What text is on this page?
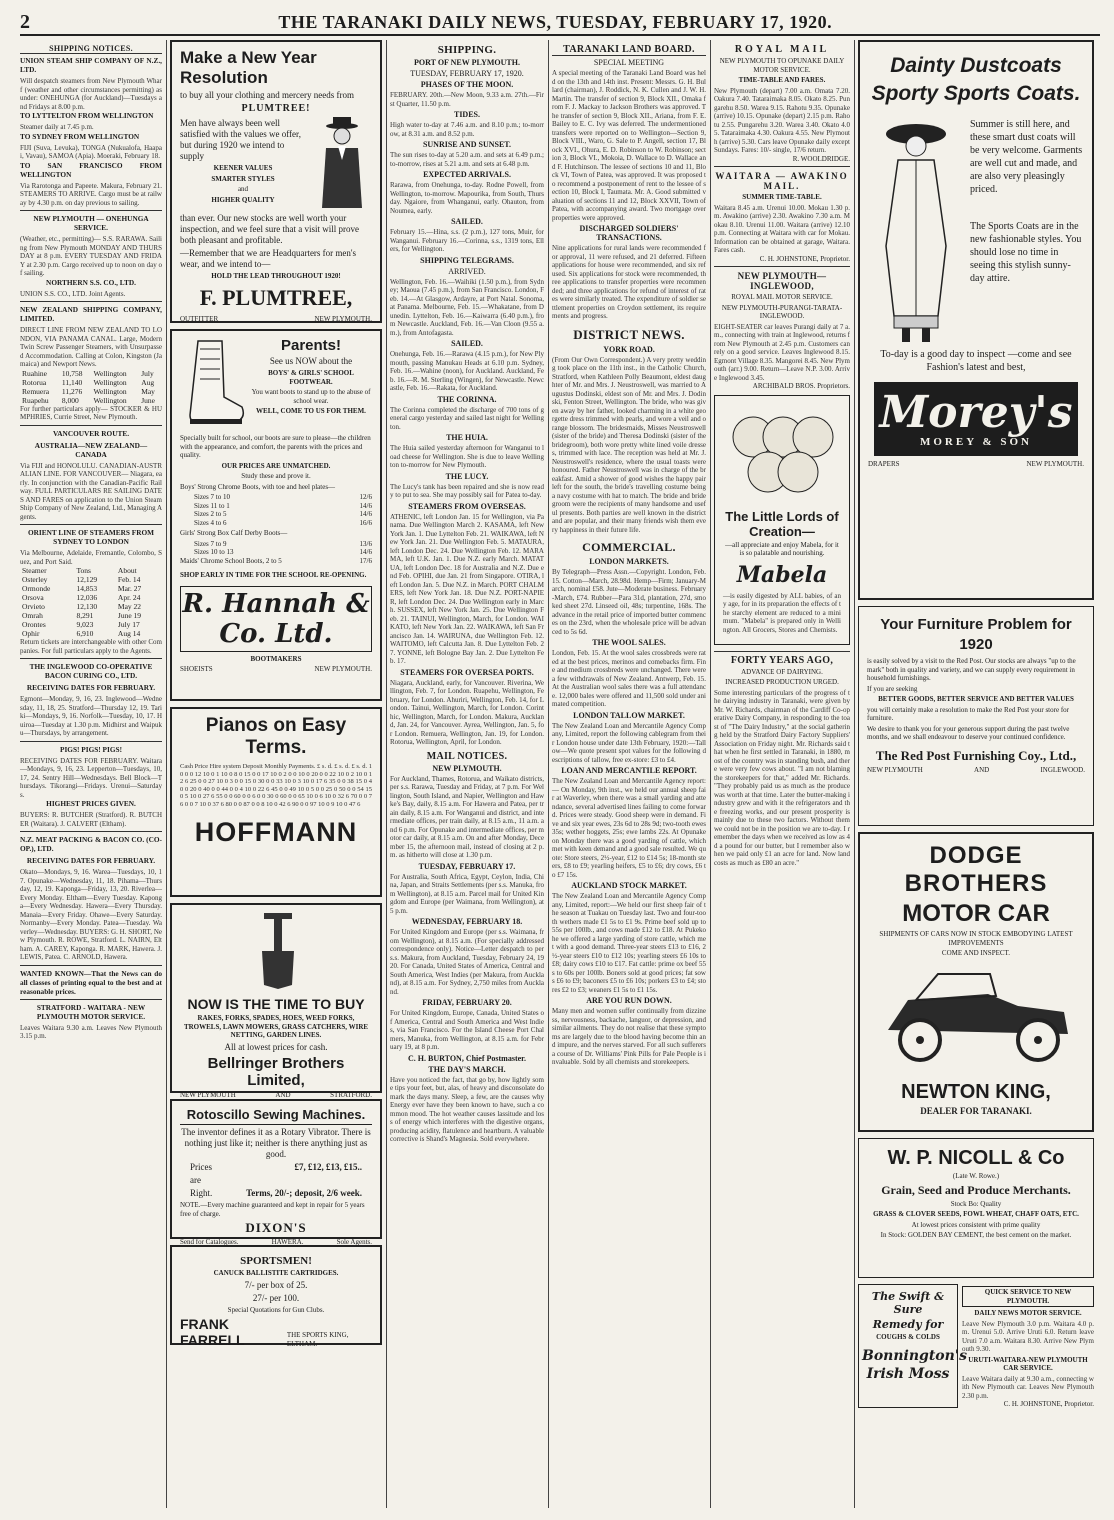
2	THE TARANAKI DAILY NEWS, TUESDAY, FEBRUARY 17, 1920.
SHIPPING NOTICES.
UNION STEAM SHIP COMPANY OF N.Z., LTD.
Will despatch steamers from New Plymouth Wharf (weather and other circumstances permitting) as under: ONEHUNGA (for Auckland)—Tuesdays and Fridays at 8.00 p.m.
TO LYTTELTON FROM WELLINGTON
Steamer daily at 7.45 p.m.
TO SYDNEY FROM WELLINGTON
FIJI (Suva, Levuka), TONGA (Nukualofa, Haapai, Vavau), SAMOA (Apia). Moeraki, February 18.
TO SAN FRANCISCO FROM WELLINGTON
Via Rarotonga and Papeete. Makura, February 21. STEAMERS TO ARRIVE. Cargo must be at railway by 4.30 p.m. on day previous to sailing.
NEW PLYMOUTH — ONEHUNGA SERVICE.
(Weather, etc., permitting)— S.S. RARAWA. Sailing from New Plymouth MONDAY AND THURSDAY at 8 p.m. EVERY TUESDAY AND FRIDAY at 2.30 p.m. Cargo received up to noon on day of sailing.
NORTHERN S.S. CO., LTD.
UNION S.S. CO., LTD. Joint Agents.
NEW ZEALAND SHIPPING COMPANY, LIMITED.
DIRECT LINE FROM NEW ZEALAND TO LONDON, VIA PANAMA CANAL. Large, Modern Twin Screw Passenger Steamers, with Unsurpassed Accommodation. Calling at Colon, Kingston (Jamaica) and Newport News.
Ruahine	10,758	Wellington	July
Rotorua	11,140	Wellington	Aug
Remuera	11,276	Wellington	May
Ruapehu	8,000	Wellington	June
For further particulars apply— STOCKER & HUMPHRIES, Currie Street, New Plymouth.
VANCOUVER ROUTE.
AUSTRALIA—NEW ZEALAND—CANADA
Via FIJI and HONOLULU. CANADIAN-AUSTRALIAN LINE. FOR VANCOUVER— Niagara, early. In conjunction with the Canadian-Pacific Railway. FULL PARTICULARS RE SAILING DATES AND FARES on application to the Union Steam Ship Company of New Zealand, Ltd., Managing Agents.
ORIENT LINE OF STEAMERS FROM SYDNEY TO LONDON
Via Melbourne, Adelaide, Fremantle, Colombo, Suez, and Port Said.
Steamer	Tons	About
Osterley	12,129	Feb. 14
Ormonde	14,853	Mar. 27
Orsova	12,036	Apr. 24
Orvieto	12,130	May 22
Omrah	8,291	June 19
Orontes	9,023	July 17
Ophir	6,910	Aug 14
Return tickets are interchangeable with other Companies. For full particulars apply to the Agents.
THE INGLEWOOD CO-OPERATIVE BACON CURING CO., LTD.
RECEIVING DATES FOR FEBRUARY.
Egmont—Monday, 9, 16, 23. Inglewood—Wednesday, 11, 18, 25. Stratford—Thursday 12, 19. Tariki—Mondays, 9, 16. Norfolk—Tuesday, 10, 17. Huiroa—Tuesday at 1.30 p.m. Midhirst and Waipuku—Thursdays, by arrangement.
PIGS! PIGS! PIGS!
RECEIVING DATES FOR FEBRUARY. Waitara—Mondays, 9, 16, 23. Lepperton—Tuesdays, 10, 17, 24. Sentry Hill—Wednesdays. Bell Block—Thursdays. Tikorangi—Fridays. Urenui—Saturdays.
HIGHEST PRICES GIVEN.
BUYERS: R. BUTCHER (Stratford). R. BUTCHER (Waitara). J. CALVERT (Eltham).
N.Z. MEAT PACKING & BACON CO. (CO-OP.), LTD.
RECEIVING DATES FOR FEBRUARY.
Okato—Mondays, 9, 16. Warea—Tuesdays, 10, 17. Opunake—Wednesday, 11, 18. Pihama—Thursday, 12, 19. Kaponga—Friday, 13, 20. Riverlea—Every Monday. Eltham—Every Tuesday. Kaponga—Every Wednesday. Hawera—Every Thursday. Manaia—Every Friday. Ohawe—Every Saturday. Normanby—Every Monday. Patea—Tuesday. Waverley—Wednesday. BUYERS: G. H. SHORT, New Plymouth. R. ROWE, Stratford. L. NAIRN, Eltham. A. CAREY, Kaponga. R. MARK, Hawera. J. LEWIS, Patea. C. ARNOLD, Hawera.
WANTED KNOWN—That the News can do all classes of printing equal to the best and at reasonable prices.
STRATFORD - WAITARA - NEW PLYMOUTH MOTOR SERVICE.
Leaves Waitara 9.30 a.m. Leaves New Plymouth 3.15 p.m.
Make a New Year Resolution

to buy all your clothing and mercery needs from

PLUMTREE!

Men have always been well satisfied with the values we offer, but during 1920 we intend to supply

KEENER VALUES

SMARTER STYLES

and

HIGHER QUALITY

than ever. Our new stocks are well worth your inspection, and we feel sure that a visit will prove both pleasant and profitable.

—Remember that we are Headquarters for men's wear, and we intend to—

HOLD THE LEAD THROUGHOUT 1920!

F. PLUMTREE,

OUTFITTER	NEW PLYMOUTH.
Parents!

See us NOW about the

BOYS' & GIRLS' SCHOOL FOOTWEAR.

You want boots to stand up to the abuse of school wear.

WELL, COME TO US FOR THEM.

Specially built for school, our boots are sure to please—the children with the appearance, and comfort, the parents with the prices and quality.

OUR PRICES ARE UNMATCHED.

Study these and prove it.

Boys' Strong Chrome Boots, with toe and heel plates—

Sizes 7 to 10	12/6
Sizes 11 to 1	14/6
Sizes 2 to 5	14/6
Sizes 4 to 6	16/6

Girls' Strong Box Calf Derby Boots—

Sizes 7 to 9	13/6
Sizes 10 to 13	14/6
Maids' Chrome School Boots, 2 to 5	17/6

SHOP EARLY IN TIME FOR THE SCHOOL RE-OPENING.

R. Hannah & Co. Ltd.

BOOTMAKERS

SHOEISTS	NEW PLYMOUTH.
Pianos on Easy Terms.
Cash Price Hire system Deposit Monthly Payments. £ s. d. £ s. d. £ s. d. 10 0 0 12 10 0 1 10 0 8 0 15 0 0 17 10 0 2 0 0 10 0 20 0 0 22 10 0 2 10 0 12 6 25 0 0 27 10 0 3 0 0 15 0 30 0 0 33 10 0 3 10 0 17 6 35 0 0 38 15 0 4 0 0 20 0 40 0 0 44 0 0 4 10 0 22 6 45 0 0 49 10 0 5 0 0 25 0 50 0 0 54 15 0 5 10 0 27 6 55 0 0 60 0 0 6 0 0 30 0 60 0 0 65 10 0 6 10 0 32 6 70 0 0 76 0 0 7 10 0 37 6 80 0 0 87 0 0 8 10 0 42 6 90 0 0 97 10 0 9 10 0 47 6

HOFFMANN

NOW IS THE TIME TO BUY

RAKES, FORKS, SPADES, HOES, WEED FORKS, TROWELS, LAWN MOWERS, GRASS CATCHERS, WIRE NETTING, GARDEN LINES.

All at lowest prices for cash.

Bellringer Brothers Limited,

NEW PLYMOUTH	AND	STRATFORD.
Rotoscillo Sewing Machines.

The inventor defines it as a Rotary Vibrator. There is nothing just like it; neither is there anything just as good.

Prices	£7, £12, £13, £15..

are

Right.	Terms, 20/-; deposit, 2/6 week.

NOTE.—Every machine guaranteed and kept in repair for 5 years free of charge.

DIXON'S

Send for Catalogues.	HAWERA.	Sole Agents.

SPORTSMEN!

CANUCK BALLISTITE CARTRIDGES.

7/- per box of 25.

27/- per 100.

Special Quotations for Gun Clubs.

FRANK FARRELL	THE SPORTS KING, ELTHAM.
SHIPPING.
PORT OF NEW PLYMOUTH.
TUESDAY, FEBRUARY 17, 1920.
PHASES OF THE MOON.
FEBRUARY. 20th.—New Moon, 9.33 a.m. 27th.—First Quarter, 11.50 p.m.
TIDES.
High water to-day at 7.46 a.m. and 8.10 p.m.; to-morrow, at 8.31 a.m. and 8.52 p.m.
SUNRISE AND SUNSET.
The sun rises to-day at 5.20 a.m. and sets at 6.49 p.m.; to-morrow, rises at 5.21 a.m. and sets at 6.48 p.m.
EXPECTED ARRIVALS.
Rarawa, from Onehunga, to-day. Rodne Powell, from Wellington, to-morrow. Mapourika, from South, Thursday. Ngaiore, from Whanganui, early. Ohauton, from Noumea, early.
SAILED.
February 15.—Hina, s.s. (2 p.m.), 127 tons, Muir, for Wanganui. February 16.—Corinna, s.s., 1319 tons, Ellers, for Wellington.
SHIPPING TELEGRAMS.
ARRIVED.
Wellington, Feb. 16.—Waihiki (1.50 p.m.), from Sydney; Maoua (7.45 p.m.), from San Francisco. London, Feb. 14.—At Glasgow, Ardayre, at Port Natal. Sonoma, at Panama. Melbourne, Feb. 15.—Whakatane, from Dunedin. Lyttelton, Feb. 16.—Kaiwarra (6.40 p.m.), from Newcastle. Auckland, Feb. 16.—Van Cloon (9.55 a.m.), from Antofagasta.
SAILED.
Onehunga, Feb. 16.—Rarawa (4.15 p.m.), for New Plymouth, passing Manukau Heads at 6.10 p.m. Sydney, Feb. 16.—Wahine (noon), for Auckland. Auckland, Feb. 16.—R. M. Sterling (Wingen), for Newcastle. Newcastle, Feb. 16.—Rakata, for Auckland.
THE CORINNA.
The Corinna completed the discharge of 700 tons of general cargo yesterday and sailed last night for Wellington.
THE HUIA.
The Huia sailed yesterday afternoon for Wanganui to load cheese for Wellington. She is due to leave Wellington to-morrow for New Plymouth.
THE LUCY.
The Lucy's tank has been repaired and she is now ready to put to sea. She may possibly sail for Patea to-day.
STEAMERS FROM OVERSEAS.
ATHENIC, left London Jan. 15 for Wellington, via Panama. Due Wellington March 2. KASAMA, left New York Jan. 1. Due Lyttelton Feb. 21. WAIKAWA, left New York Jan. 21. Due Wellington Feb. 5. MATAURA, left London Dec. 24. Due Wellington Feb. 12. MARAMA, left U.K. Jan. 1. Due N.Z. early March. MATATUA, left London Dec. 18 for Australia and N.Z. Due end Feb. OPIHI, due Jan. 21 from Singapore. OTIRA, left London Jan. 5. Due N.Z. in March. PORT CHALMERS, left New York Jan. 18. Due N.Z. PORT-NAPIER, left London Dec. 24. Due Wellington early in March. SUSSEX, left New York Jan. 25. Due Wellington Feb. 21. TAINUI, Wellington, March, for London. WAIKATO, left New York Jan. 22. WAIKAWA, left San Francisco Jan. 14. WAIRUNA, due Wellington Feb. 12. WAITOMO, left Calcutta Jan. 8. Due Lyttelton Feb. 27. YONNE, left Bologne Bay Jan. 2. Due Lyttelton Feb. 17.
STEAMERS FOR OVERSEA PORTS.
Niagara, Auckland, early, for Vancouver. Riverina, Wellington, Feb. 7, for London. Ruapehu, Wellington, February, for London. Ahuriri, Wellington, Feb. 14, for London. Tainui, Wellington, March, for London. Corinthic, Wellington, March, for London. Makura, Auckland, Jan. 24, for Vancouver. Ayrea, Wellington, Jan. 5, for London. Remuera, Wellington, Jan. 19, for London. Rotorua, Wellington, April, for London.
MAIL NOTICES.
NEW PLYMOUTH.
For Auckland, Thames, Rotorua, and Waikato districts, per s.s. Rarawa, Tuesday and Friday, at 7 p.m. For Wellington, South Island, and Napier, Wellington and Hawke's Bay, daily, 8.15 a.m. For Hawera and Patea, per train daily, 8.15 a.m. For Wanganui and district, and intermediate offices, per train daily, at 8.15 a.m., 11 a.m. and 6 p.m. For Opunake and intermediate offices, per motor car daily, at 8.15 a.m. On and after Monday, December 15, the afternoon mail, instead of closing at 2 p.m. as hitherto will close at 1.30 p.m.
TUESDAY, FEBRUARY 17.
For Australia, South Africa, Egypt, Ceylon, India, China, Japan, and Straits Settlements (per s.s. Manuka, from Wellington), at 8.15 a.m. Parcel mail for United Kingdom and Europe (per Waimana, from Wellington), at 5 p.m.
WEDNESDAY, FEBRUARY 18.
For United Kingdom and Europe (per s.s. Waimana, from Wellington), at 8.15 a.m. (For specially addressed correspondence only). Notice—Letter despatch to per s.s. Makura, from Auckland, Tuesday, February 24, 1920. For Canada, United States of America, Central and South America, West Indies (per Makura, from Auckland), at 8.15 a.m. For Sydney, 2,750 miles from Auckland.
FRIDAY, FEBRUARY 20.
For United Kingdom, Europe, Canada, United States of America, Central and South America and West Indies, via San Francisco. For the Island Cheese Port Chalmers, Manuka, from Wellington, at 8.15 a.m. for February 19, at 8 p.m.
C. H. BURTON, Chief Postmaster.
THE DAY'S MARCH.
Have you noticed the fact, that go by, how lightly some tips your feet, but, alas, of heavy and disconsolate do mark the days many. Sleep, a few, are the causes why Energy ever have they been known to have, such a common mood. The hot weather causes lassitude and loss of energy which interferes with the digestive organs, producing acidity, flatulence and heartburn. A valuable corrective is Shand's Magnesia. Sold everywhere.
TARANAKI LAND BOARD.
SPECIAL MEETING
A special meeting of the Taranaki Land Board was held on the 13th and 14th inst. Present: Messrs. G. H. Bullard (chairman), J. Roddick, N. K. Cullen and J. W. H. Martin. The transfer of section 9, Block XII., Omaka from F. J. Mackay to Jackson Brothers was approved. The transfer of section 9, Block XII., Ariana, from F. E. Bailey to E. C. Ivy was deferred. The undermentioned transfers were reported on to Wellington—Section 9, Block VIII., Waro, G. Sale to P. Angell, section 17, Block XVI., Ohura, E. D. Robinson to W. Robinson; section 3, Block VI., Mokoia, D. Wallace to D. Wallace and F. Hutchinson. The lessee of sections 10 and 11, Block VI, Town of Patea, was approved. It was proposed to recommend a postponement of rent to the lessee of section 10, Block I, Taumata. Mr. A. Good submitted valuation of sections 11 and 12, Block XXVII, Town of Patea, with accompanying award. Two mortgage over properties were approved.
DISCHARGED SOLDIERS' TRANSACTIONS.
Nine applications for rural lands were recommended for approval, 11 were refused, and 21 deferred. Fifteen applications for house were recommended, and six refused. Six applications for stock were recommended, three applications to transfer properties were recommended; and three applications for refund of interest of rates were similarly treated. The expenditure of soldier settlement properties on Croydon settlement, its requirements and progress.
DISTRICT NEWS.
YORK ROAD.
(From Our Own Correspondent.) A very pretty wedding took place on the 11th inst., in the Catholic Church, Stratford, when Kathleen Polly Beaumont, eldest daughter of Mr. and Mrs. J. Neustroswell, was married to Augustus Dodinski, eldest son of Mr. and Mrs. J. Dodinski, Fenton Street, Wellington. The bride, who was given away by her father, looked charming in a white georgette dress trimmed with pearls, and wore a veil and orange blossom. The bridesmaids, Misses Neustroswell (sister of the bride) and Theresa Dodinski (sister of the bridegroom), both wore pretty white lined voile dresses, trimmed with lace. The reception was held at Mr. J. Neustroswell's residence, where the usual toasts were honoured. Father Neustroswell was in charge of the breakfast. Amid a shower of good wishes the happy pair left for the south, the bride's travelling costume being a navy costume with hat to match. The bride and bridegroom were the recipients of many handsome and useful presents. Both parties are well known in the district and are popular, and their many friends wish them every happiness in their future life.
COMMERCIAL.
LONDON MARKETS.
By Telegraph—Press Assn.—Copyright. London, Feb. 15. Cotton—March, 28.98d. Hemp—Firm; January-March, nominal £58. Jute—Moderate business. February-March, £74. Rubber—Para 31d, plantation, 27d, smoked sheet 27d. Linseed oil, 48s; turpentine, 168s. The advance in the retail price of imported butter commences on the 23rd, when the wholesale price will be advanced to 5s 6d.
THE WOOL SALES.
London, Feb. 15. At the wool sales crossbreds were rated at the best prices, merinos and comebacks firm. Fine and medium crossbreds were unchanged. There were a few withdrawals of New Zealand. Antwerp, Feb. 15. At the Australian wool sales there was a full attendance. 12,000 bales were offered and 11,500 sold under animated competition.
LONDON TALLOW MARKET.
The New Zealand Loan and Mercantile Agency Company, Limited, report the following cablegram from their London house under date 13th February, 1920:—Tallow—We quote present spot values for the following descriptions of tallow, free ex-store: £3 to £4.
LOAN AND MERCANTILE REPORT.
The New Zealand Loan and Mercantile Agency report:— On Monday, 9th inst., we held our annual sheep fair at Waverley, when there was a small yarding and attendance, several advertised lines failing to come forward. Prices were steady. Good sheep were in demand. Five and six year ewes, 23s 6d to 28s 9d; two-tooth ewes 35s; wether hoggets, 25s; ewe lambs 22s. At Opunake on Monday there was a good yarding of cattle, which met with keen demand and a good sale resulted. We quote: Store steers, 2½-year, £12 to £14 5s; 18-month steers, £8 to £9; yearling heifers, £5 to £6; dry cows, £6 to £7 15s.
AUCKLAND STOCK MARKET.
The New Zealand Loan and Mercantile Agency Company, Limited, report:—We held our first sheep fair of the season at Tuakau on Tuesday last. Two and four-tooth wethers made £1 5s to £1 9s. Prime beef sold up to 55s per 100lb., and cows made £12 to £18. At Pukekohe we offered a large yarding of store cattle, which met with a good demand. Three-year steers £13 to £16, 2½-year steers £10 to £12 10s; yearling steers £6 10s to £8; dairy cows £10 to £17. Fat cattle: prime ox beef 55s to 60s per 100lb. Boners sold at good prices; fat sows £6 to £9; baconers £5 to £6 10s; porkers £3 to £4; stores £2 to £3; weaners £1 5s to £1 15s.
ARE YOU RUN DOWN.
Many men and women suffer continually from dizziness, nervousness, backache, languor, or depression, and similar ailments. They do not realise that these symptoms are largely due to the blood having become thin and impure, and the nerves starved. For all such sufferers a course of Dr. Williams' Pink Pills for Pale People is invaluable. Sold by all chemists and storekeepers.
ROYAL MAIL
NEW PLYMOUTH TO OPUNAKE DAILY MOTOR SERVICE.
TIME-TABLE AND FARES.
New Plymouth (depart) 7.00 a.m. Omata 7.20. Oakura 7.40. Tataraimaka 8.05. Okato 8.25. Pungarehu 8.50. Warea 9.15. Rahotu 9.35. Opunake (arrive) 10.15. Opunake (depart) 2.15 p.m. Rahotu 2.55. Pungarehu 3.20. Warea 3.40. Okato 4.05. Tataraimaka 4.30. Oakura 4.55. New Plymouth (arrive) 5.30. Cars leave Opunake daily except Sundays. Fares: 10/- single, 17/6 return.
R. WOOLDRIDGE.
WAITARA — AWAKINO MAIL.
SUMMER TIME-TABLE.
Waitara 8.45 a.m. Urenui 10.00. Mokau 1.30 p.m. Awakino (arrive) 2.30. Awakino 7.30 a.m. Mokau 8.10. Urenui 11.00. Waitara (arrive) 12.10 p.m. Connecting at Waitara with car for Mokau. Information can be obtained at garage, Waitara. Fares cash.
C. H. JOHNSTONE, Proprietor.
NEW PLYMOUTH—INGLEWOOD,
ROYAL MAIL MOTOR SERVICE.
NEW PLYMOUTH-PURANGI-TARATA-INGLEWOOD.
EIGHT-SEATER car leaves Purangi daily at 7 a.m., connecting with train at Inglewood, returns from New Plymouth at 2.45 p.m. Customers can rely on a good service. Leaves Inglewood 8.15. Egmont Village 8.35. Mangorei 8.45. New Plymouth (arr.) 9.00. Return—Leave N.P. 3.00. Arrive Inglewood 3.45.
ARCHIBALD BROS. Proprietors.

The Little Lords of Creation—

—all appreciate and enjoy Mabela, for it is so palatable and nourishing.

Mabela

—is easily digested by ALL babies, of any age, for in its preparation the effects of the starchy element are reduced to a minimum. "Mabela" is prepared only in Wellington. All Grocers, Stores and Chemists.
FORTY YEARS AGO,
ADVANCE OF DAIRYING.
INCREASED PRODUCTION URGED.
Some interesting particulars of the progress of the dairying industry in Taranaki, were given by Mr. W. Richards, chairman of the Cardiff Co-operative Dairy Company, in responding to the toast of "The Dairy Industry," at the social gathering held by the Stratford Dairy Factory Suppliers' Association on Friday night. Mr. Richards said that when he first settled in Taranaki, in 1880, most of the country was in standing bush, and there were very few cows about. "I am not blaming the storekeepers for that," added Mr. Richards. "They probably paid us as much as the produce was worth at that time. Later the butter-making industry grew and with it the refrigerators and the freezing works, and our present prosperity is mainly due to these two factors. Without them we could not be in the position we are to-day. I remember the days when we received as low as 4d a pound for our butter, but I remember also when we paid only £1 an acre for land. Now land costs as much as £80 an acre."

Dainty Dustcoats

Sporty Sports Coats.

Summer is still here, and these smart dust coats will be very welcome. Garments are well cut and made, and are also very pleasingly priced.

The Sports Coats are in the new fashionable styles. You should lose no time in seeing this stylish sunny-day attire.

To-day is a good day to inspect —come and see Fashion's latest and best,

Morey's
MOREY & SON
DRAPERS	NEW PLYMOUTH.

Your Furniture Problem for 1920

is easily solved by a visit to the Red Post. Our stocks are always "up to the mark" both in quality and variety, and we can supply every requirement in household furnishings.

If you are seeking

BETTER GOODS, BETTER SERVICE AND BETTER VALUES

you will certainly make a resolution to make the Red Post your store for furniture.

We desire to thank you for your generous support during the past twelve months, and we shall endeavour to deserve your continued confidence.

The Red Post Furnishing Coy., Ltd.,

NEW PLYMOUTH	AND	INGLEWOOD.

DODGE BROTHERS

MOTOR CAR

SHIPMENTS OF CARS NOW IN STOCK EMBODYING LATEST IMPROVEMENTS

COME AND INSPECT.

NEWTON KING,

DEALER FOR TARANAKI.

W. P. NICOLL & Co

(Late W. Rowe.)

Grain, Seed and Produce Merchants.

Stock Bo: Quality

GRASS & CLOVER SEEDS, FOWL WHEAT, CHAFF OATS, ETC.

At lowest prices consistent with prime quality

In Stock: GOLDEN BAY CEMENT, the best cement on the market.

The Swift & Sure

Remedy for

COUGHS & COLDS

Bonnington's

Irish Moss

QUICK SERVICE TO NEW PLYMOUTH.
DAILY NEWS MOTOR SERVICE.
Leave New Plymouth 3.0 p.m. Waitara 4.0 p.m. Urenui 5.0. Arrive Uruti 6.0. Return leave Uruti 7.0 a.m. Waitara 8.30. Arrive New Plymouth 9.30.
URUTI-WAITARA-NEW PLYMOUTH CAR SERVICE.
Leave Waitara daily at 9.30 a.m., connecting with New Plymouth car. Leaves New Plymouth 2.30 p.m.
C. H. JOHNSTONE, Proprietor.
